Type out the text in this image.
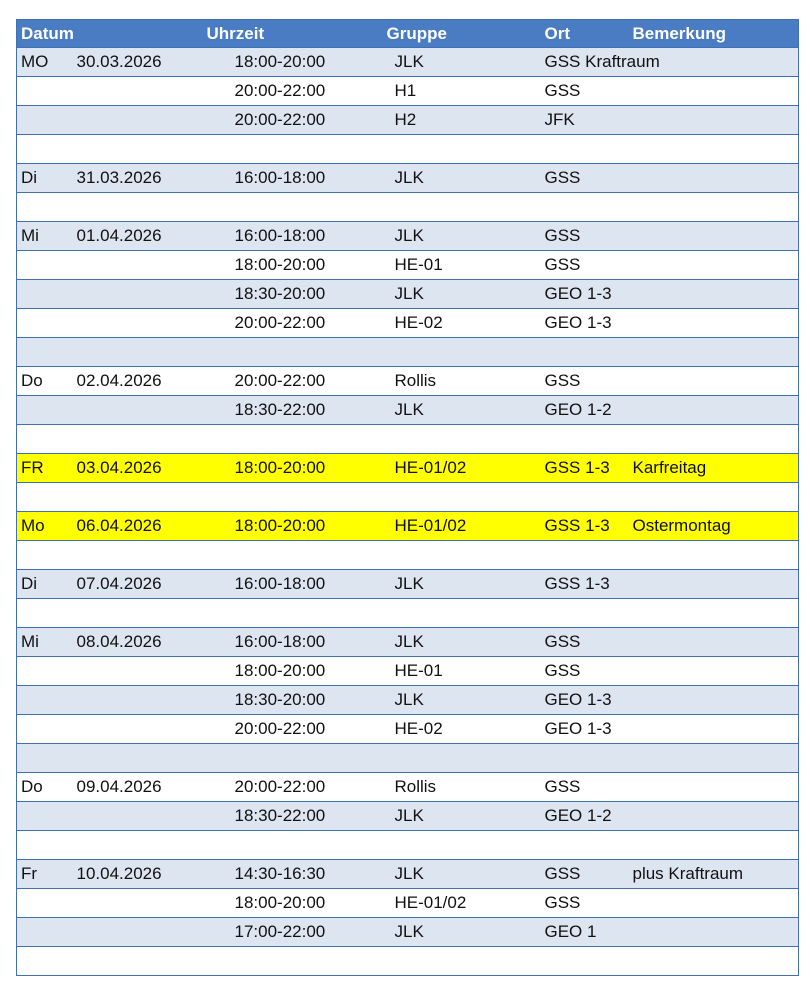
Datum		Uhrzeit	Gruppe	Ort	Bemerkung
MO	30.03.2026	18:00-20:00	JLK	GSS Kraftraum	
		20:00-22:00	H1	GSS	
		20:00-22:00	H2	JFK	

Di	31.03.2026	16:00-18:00	JLK	GSS	

Mi	01.04.2026	16:00-18:00	JLK	GSS	
		18:00-20:00	HE-01	GSS	
		18:30-20:00	JLK	GEO 1-3	
		20:00-22:00	HE-02	GEO 1-3	

Do	02.04.2026	20:00-22:00	Rollis	GSS	
		18:30-22:00	JLK	GEO 1-2	

FR	03.04.2026	18:00-20:00	HE-01/02	GSS 1-3	Karfreitag

Mo	06.04.2026	18:00-20:00	HE-01/02	GSS 1-3	Ostermontag

Di	07.04.2026	16:00-18:00	JLK	GSS 1-3	

Mi	08.04.2026	16:00-18:00	JLK	GSS	
		18:00-20:00	HE-01	GSS	
		18:30-20:00	JLK	GEO 1-3	
		20:00-22:00	HE-02	GEO 1-3	

Do	09.04.2026	20:00-22:00	Rollis	GSS	
		18:30-22:00	JLK	GEO 1-2	

Fr	10.04.2026	14:30-16:30	JLK	GSS	plus Kraftraum
		18:00-20:00	HE-01/02	GSS	
		17:00-22:00	JLK	GEO 1	
